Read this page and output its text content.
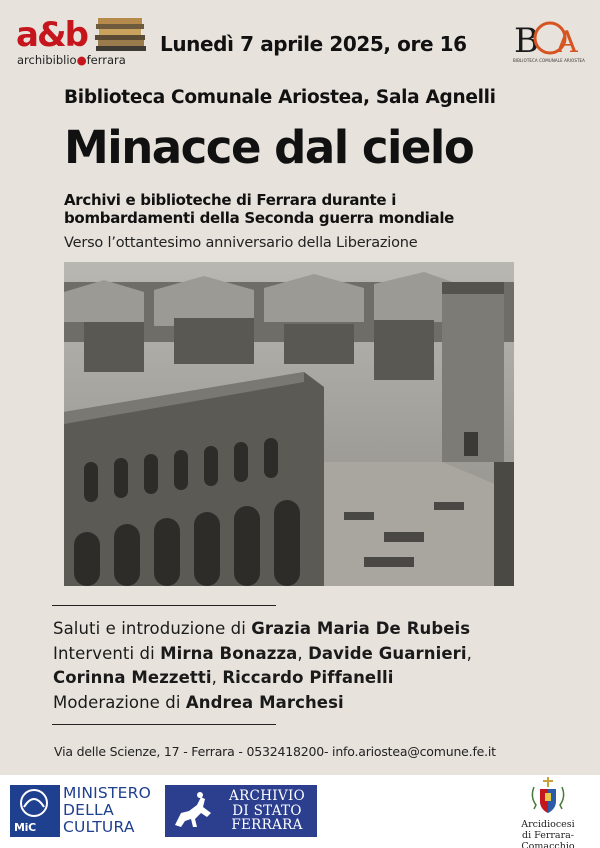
a&b
archibiblio●ferrara
Lunedì 7 aprile 2025, ore 16 B A
BIBLIOTECA COMUNALE ARIOSTEA
Biblioteca Comunale Ariostea, Sala Agnelli
Minacce dal cielo
Archivi e biblioteche di Ferrara durante i
bombardamenti della Seconda guerra mondiale
Verso l’ottantesimo anniversario della Liberazione
Saluti e introduzione di Grazia Maria De Rubeis
Interventi di Mirna Bonazza, Davide Guarnieri,
Corinna Mezzetti, Riccardo Piffanelli
Moderazione di Andrea Marchesi
Via delle Scienze, 17 - Ferrara - 0532418200- info.ariostea@comune.fe.it
MiC
MINISTERO
DELLA
CULTURA
ARCHIVIO
DI STATO
FERRARA	Arcidiocesi
di Ferrara-Comacchio
